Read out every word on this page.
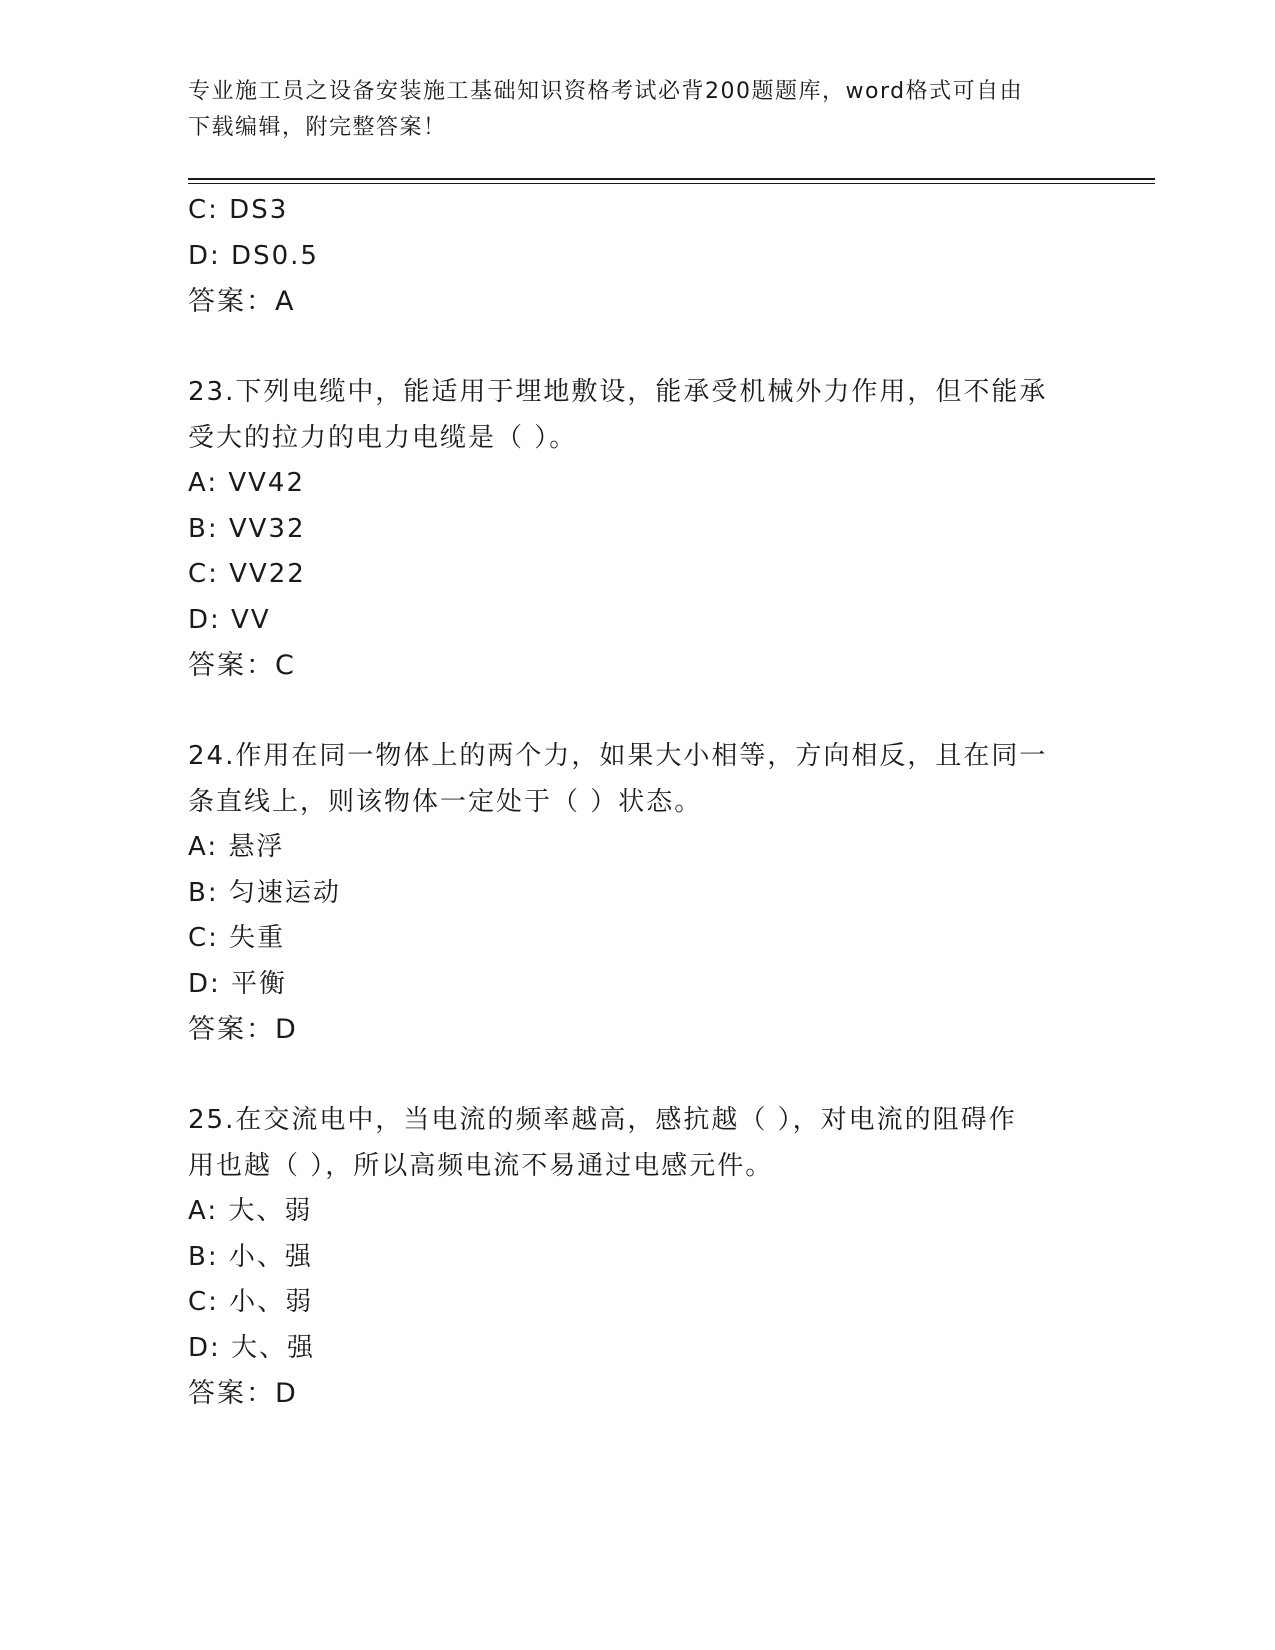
专业施工员之设备安装施工基础知识资格考试必背200题题库，word格式可自由
下载编辑，附完整答案！
C: DS3
D: DS0.5
答案：A
23.下列电缆中，能适用于埋地敷设，能承受机械外力作用，但不能承
受大的拉力的电力电缆是（ ）。
A: VV42
B: VV32
C: VV22
D: VV
答案：C
24.作用在同一物体上的两个力，如果大小相等，方向相反，且在同一
条直线上，则该物体一定处于（ ）状态。
A: 悬浮
B: 匀速运动
C: 失重
D: 平衡
答案：D
25.在交流电中，当电流的频率越高，感抗越（ ），对电流的阻碍作
用也越（ ），所以高频电流不易通过电感元件。
A: 大、弱
B: 小、强
C: 小、弱
D: 大、强
答案：D
